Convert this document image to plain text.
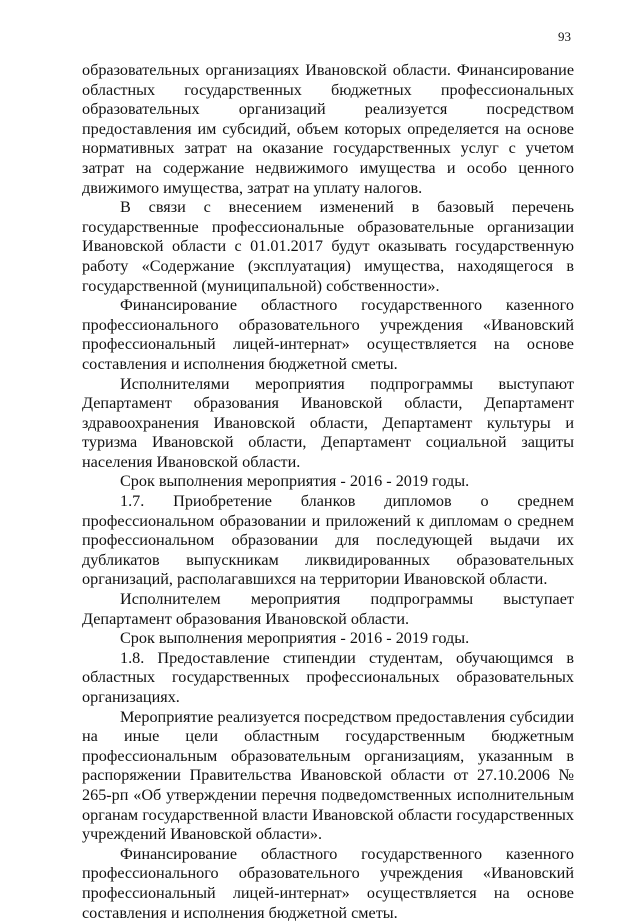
93

образовательных организациях Ивановской области. Финансирование областных государственных бюджетных профессиональных образовательных организаций реализуется посредством предоставления им субсидий, объем которых определяется на основе нормативных затрат на оказание государственных услуг с учетом затрат на содержание недвижимого имущества и особо ценного движимого имущества, затрат на уплату налогов.

В связи с внесением изменений в базовый перечень государственные профессиональные образовательные организации Ивановской области с 01.01.2017 будут оказывать государственную работу «Содержание (эксплуатация) имущества, находящегося в государственной (муниципальной) собственности».

Финансирование областного государственного казенного профессионального образовательного учреждения «Ивановский профессиональный лицей-интернат» осуществляется на основе составления и исполнения бюджетной сметы.

Исполнителями мероприятия подпрограммы выступают Департамент образования Ивановской области, Департамент здравоохранения Ивановской области, Департамент культуры и туризма Ивановской области, Департамент социальной защиты населения Ивановской области.

Срок выполнения мероприятия - 2016 - 2019 годы.

1.7. Приобретение бланков дипломов о среднем профессиональном образовании и приложений к дипломам о среднем профессиональном образовании для последующей выдачи их дубликатов выпускникам ликвидированных образовательных организаций, располагавшихся на территории Ивановской области.

Исполнителем мероприятия подпрограммы выступает Департамент образования Ивановской области.

Срок выполнения мероприятия - 2016 - 2019 годы.

1.8. Предоставление стипендии студентам, обучающимся в областных государственных профессиональных образовательных организациях.

Мероприятие реализуется посредством предоставления субсидии на иные цели областным государственным бюджетным профессиональным образовательным организациям, указанным в распоряжении Правительства Ивановской области от 27.10.2006 № 265-рп «Об утверждении перечня подведомственных исполнительным органам государственной власти Ивановской области государственных учреждений Ивановской области».

Финансирование областного государственного казенного профессионального образовательного учреждения «Ивановский профессиональный лицей-интернат» осуществляется на основе составления и исполнения бюджетной сметы.
